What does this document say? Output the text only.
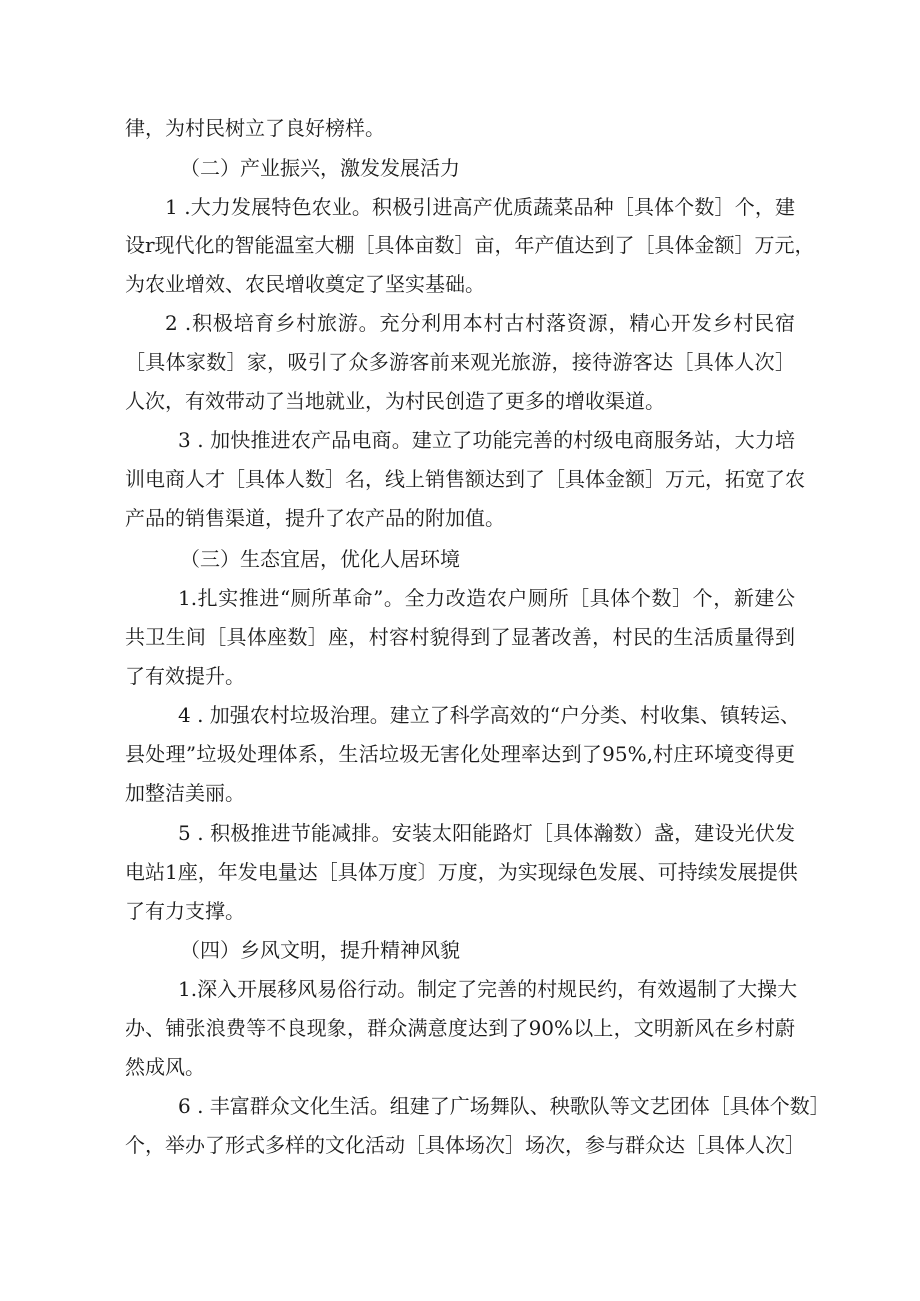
律，为村民树立了良好榜样。
（二）产业振兴，激发发展活力
1 .大力发展特色农业。积极引进高产优质蔬菜品种［具体个数］个，建
设r现代化的智能温室大棚［具体亩数］亩，年产值达到了［具体金额］万元，
为农业增效、农民增收奠定了坚实基础。
2 .积极培育乡村旅游。充分利用本村古村落资源，精心开发乡村民宿
［具体家数］家，吸引了众多游客前来观光旅游，接待游客达［具体人次］
人次，有效带动了当地就业，为村民创造了更多的增收渠道。
3 . 加快推进农产品电商。建立了功能完善的村级电商服务站，大力培
训电商人才［具体人数］名，线上销售额达到了［具体金额］万元，拓宽了农
产品的销售渠道，提升了农产品的附加值。
（三）生态宜居，优化人居环境
1.扎实推进“厕所革命”。全力改造农户厕所［具体个数］个，新建公
共卫生间［具体座数］座，村容村貌得到了显著改善，村民的生活质量得到
了有效提升。
4 . 加强农村垃圾治理。建立了科学高效的“户分类、村收集、镇转运、
县处理”垃圾处理体系，生活垃圾无害化处理率达到了95%,村庄环境变得更
加整洁美丽。
5 . 积极推进节能减排。安装太阳能路灯［具体瀚数）盏，建设光伏发
电站1座，年发电量达［具体万度〕万度，为实现绿色发展、可持续发展提供
了有力支撑。
（四）乡风文明，提升精神风貌
1.深入开展移风易俗行动。制定了完善的村规民约，有效遏制了大操大
办、铺张浪费等不良现象，群众满意度达到了90%以上，文明新风在乡村蔚
然成风。
6 . 丰富群众文化生活。组建了广场舞队、秧歌队等文艺团体［具体个数］
个，举办了形式多样的文化活动［具体场次］场次，参与群众达［具体人次］
